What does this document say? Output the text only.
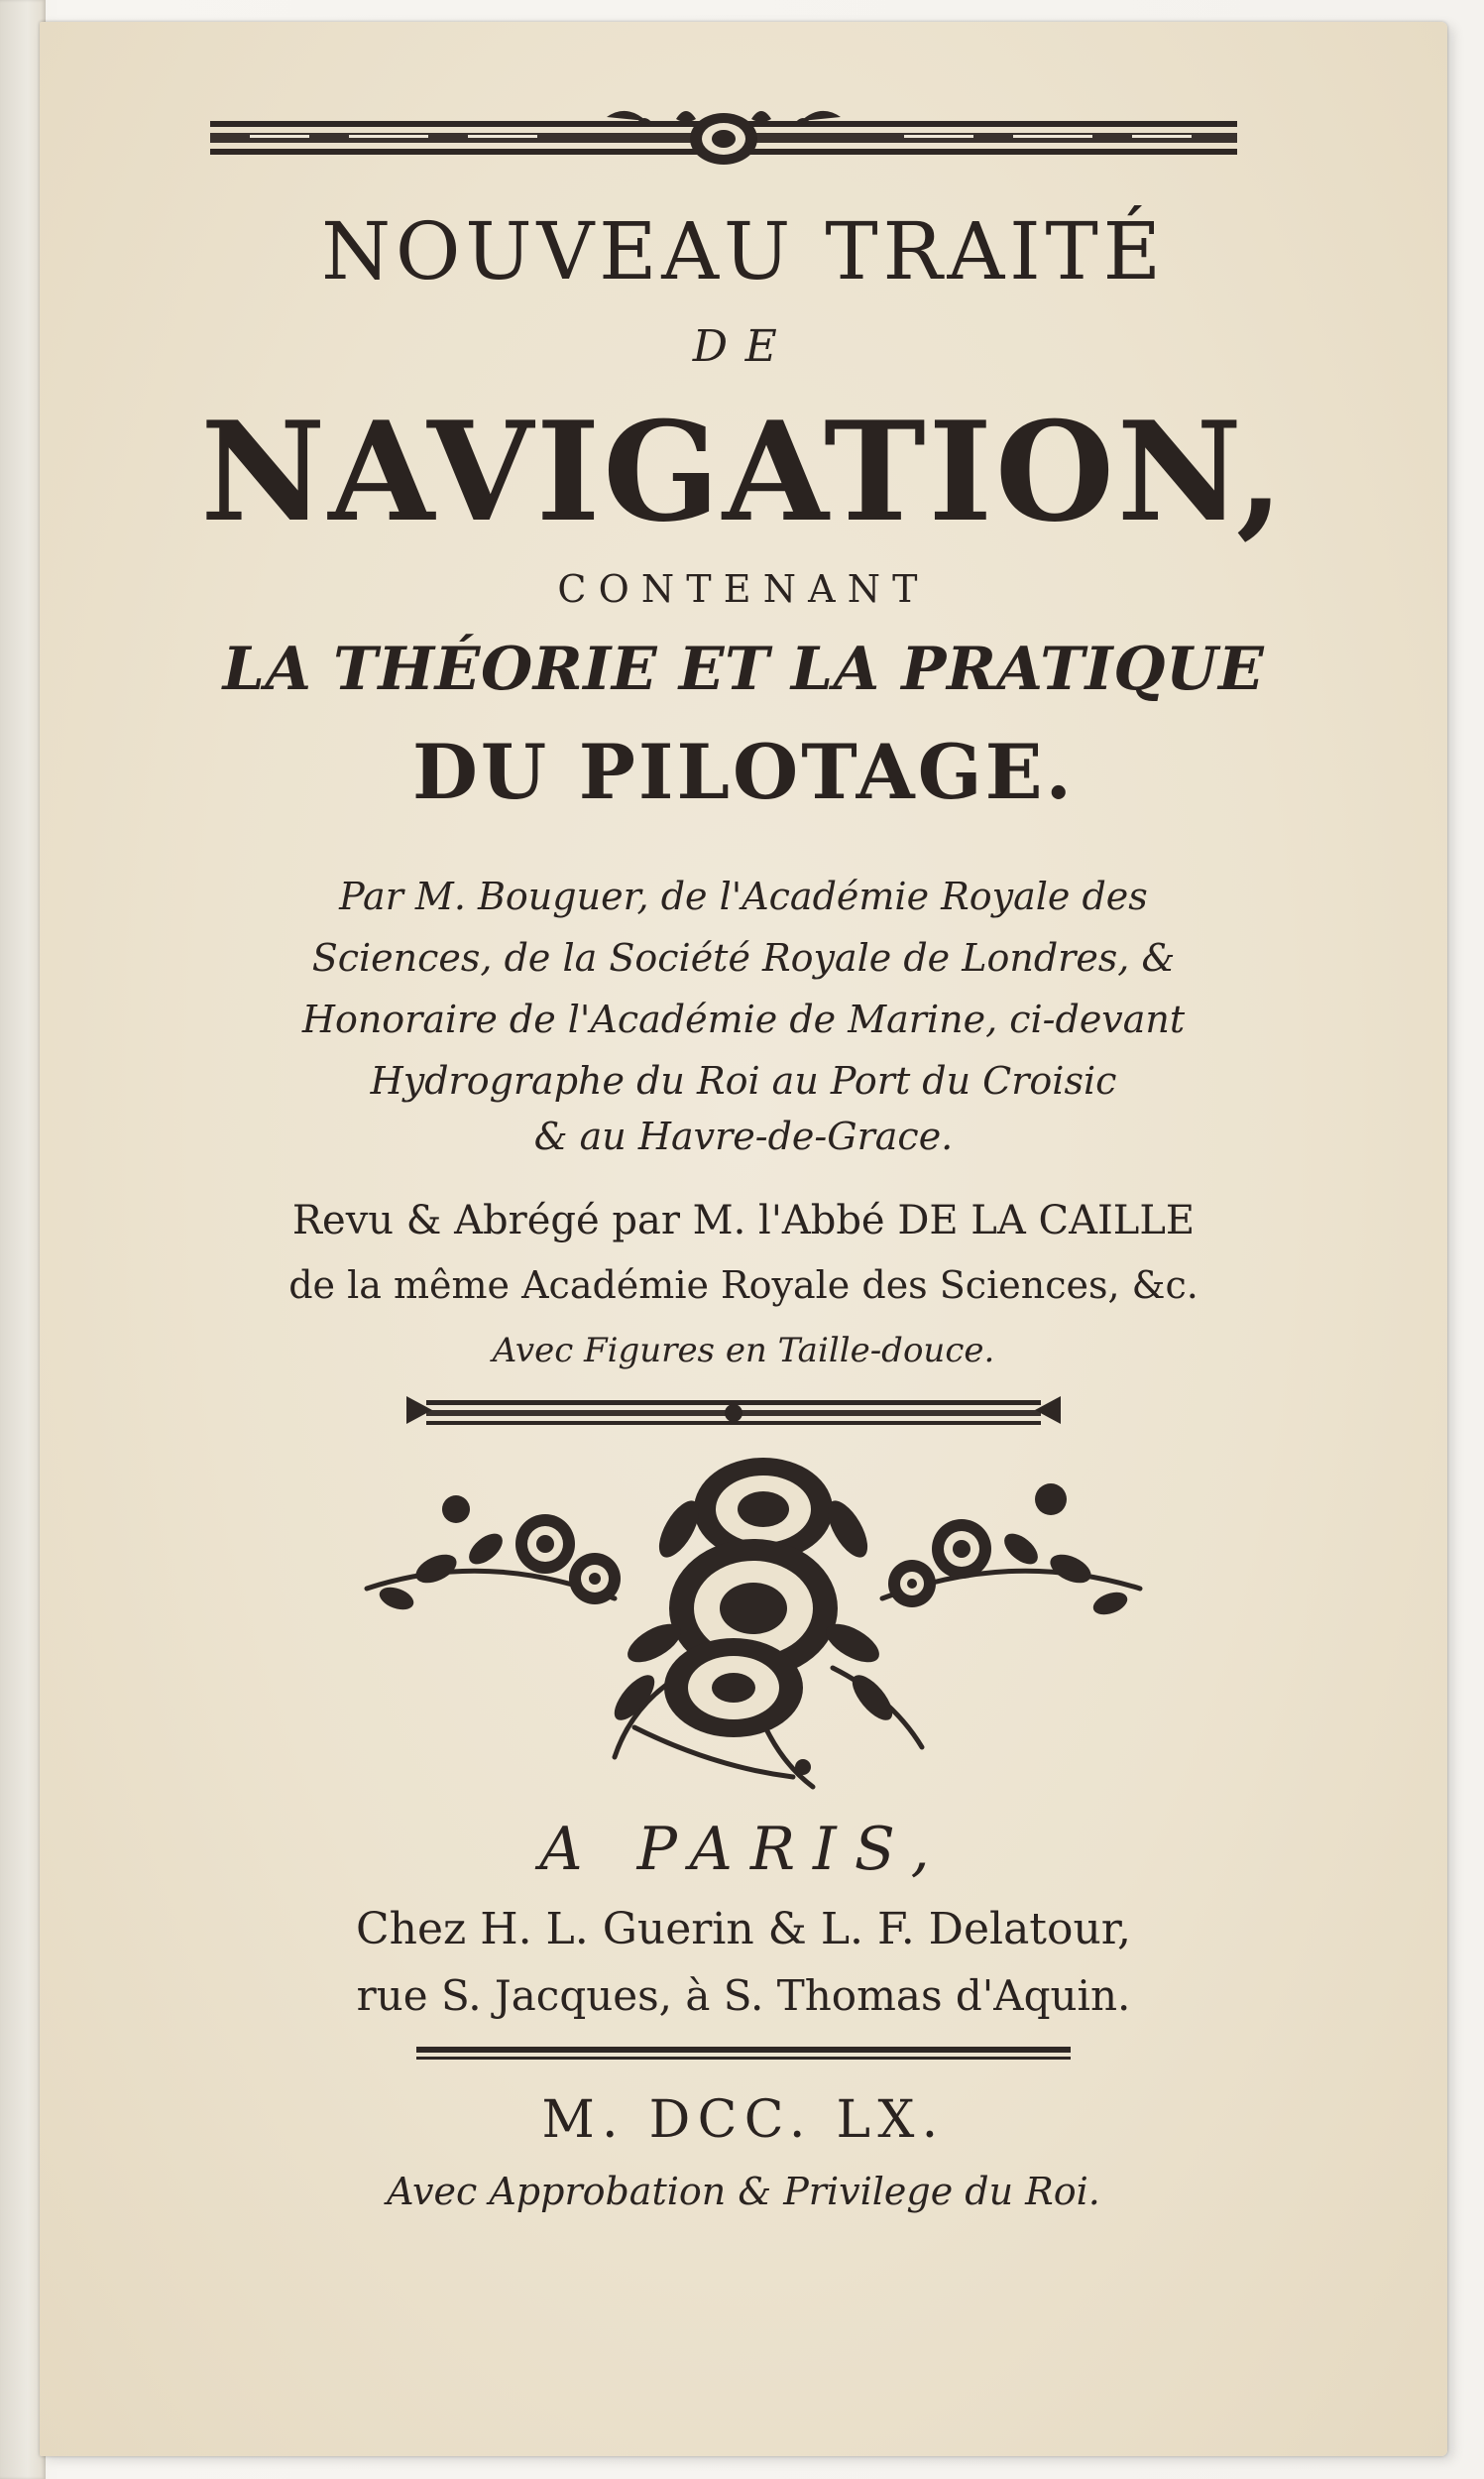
NOUVEAU TRAITÉ
DE
NAVIGATION,
CONTENANT
LA THÉORIE ET LA PRATIQUE
DU PILOTAGE.
Par M. Bouguer, de l'Académie Royale des
Sciences, de la Société Royale de Londres, &
Honoraire de l'Académie de Marine, ci-devant
Hydrographe du Roi au Port du Croisic
& au Havre-de-Grace.
Revu & Abrégé par M. l'Abbé DE LA CAILLE
de la même Académie Royale des Sciences, &c.
Avec Figures en Taille-douce.
A PARIS,
Chez H. L. Guerin & L. F. Delatour,
rue S. Jacques, à S. Thomas d'Aquin.
M. DCC. LX.
Avec Approbation & Privilege du Roi.
